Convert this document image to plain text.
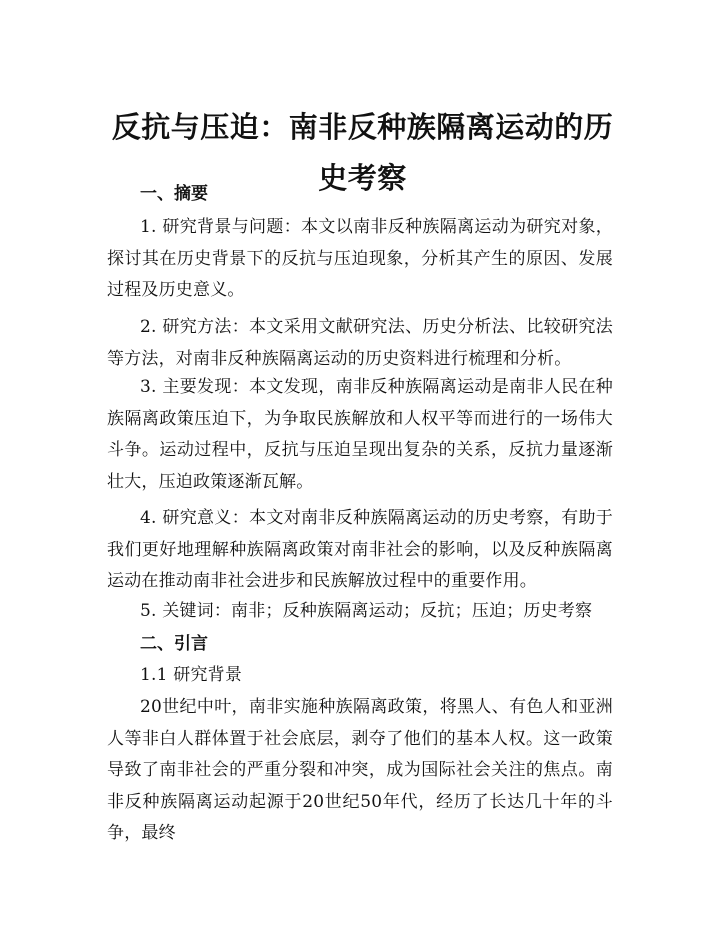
反抗与压迫：南非反种族隔离运动的历史考察
一、摘要

1. 研究背景与问题：本文以南非反种族隔离运动为研究对象，探讨其在历史背景下的反抗与压迫现象，分析其产生的原因、发展过程及历史意义。

2. 研究方法：本文采用文献研究法、历史分析法、比较研究法等方法，对南非反种族隔离运动的历史资料进行梳理和分析。

3. 主要发现：本文发现，南非反种族隔离运动是南非人民在种族隔离政策压迫下，为争取民族解放和人权平等而进行的一场伟大斗争。运动过程中，反抗与压迫呈现出复杂的关系，反抗力量逐渐壮大，压迫政策逐渐瓦解。

4. 研究意义：本文对南非反种族隔离运动的历史考察，有助于我们更好地理解种族隔离政策对南非社会的影响，以及反种族隔离运动在推动南非社会进步和民族解放过程中的重要作用。

5. 关键词：南非；反种族隔离运动；反抗；压迫；历史考察

二、引言

1.1 研究背景

20世纪中叶，南非实施种族隔离政策，将黑人、有色人和亚洲人等非白人群体置于社会底层，剥夺了他们的基本人权。这一政策导致了南非社会的严重分裂和冲突，成为国际社会关注的焦点。南非反种族隔离运动起源于20世纪50年代，经历了长达几十年的斗争，最终
